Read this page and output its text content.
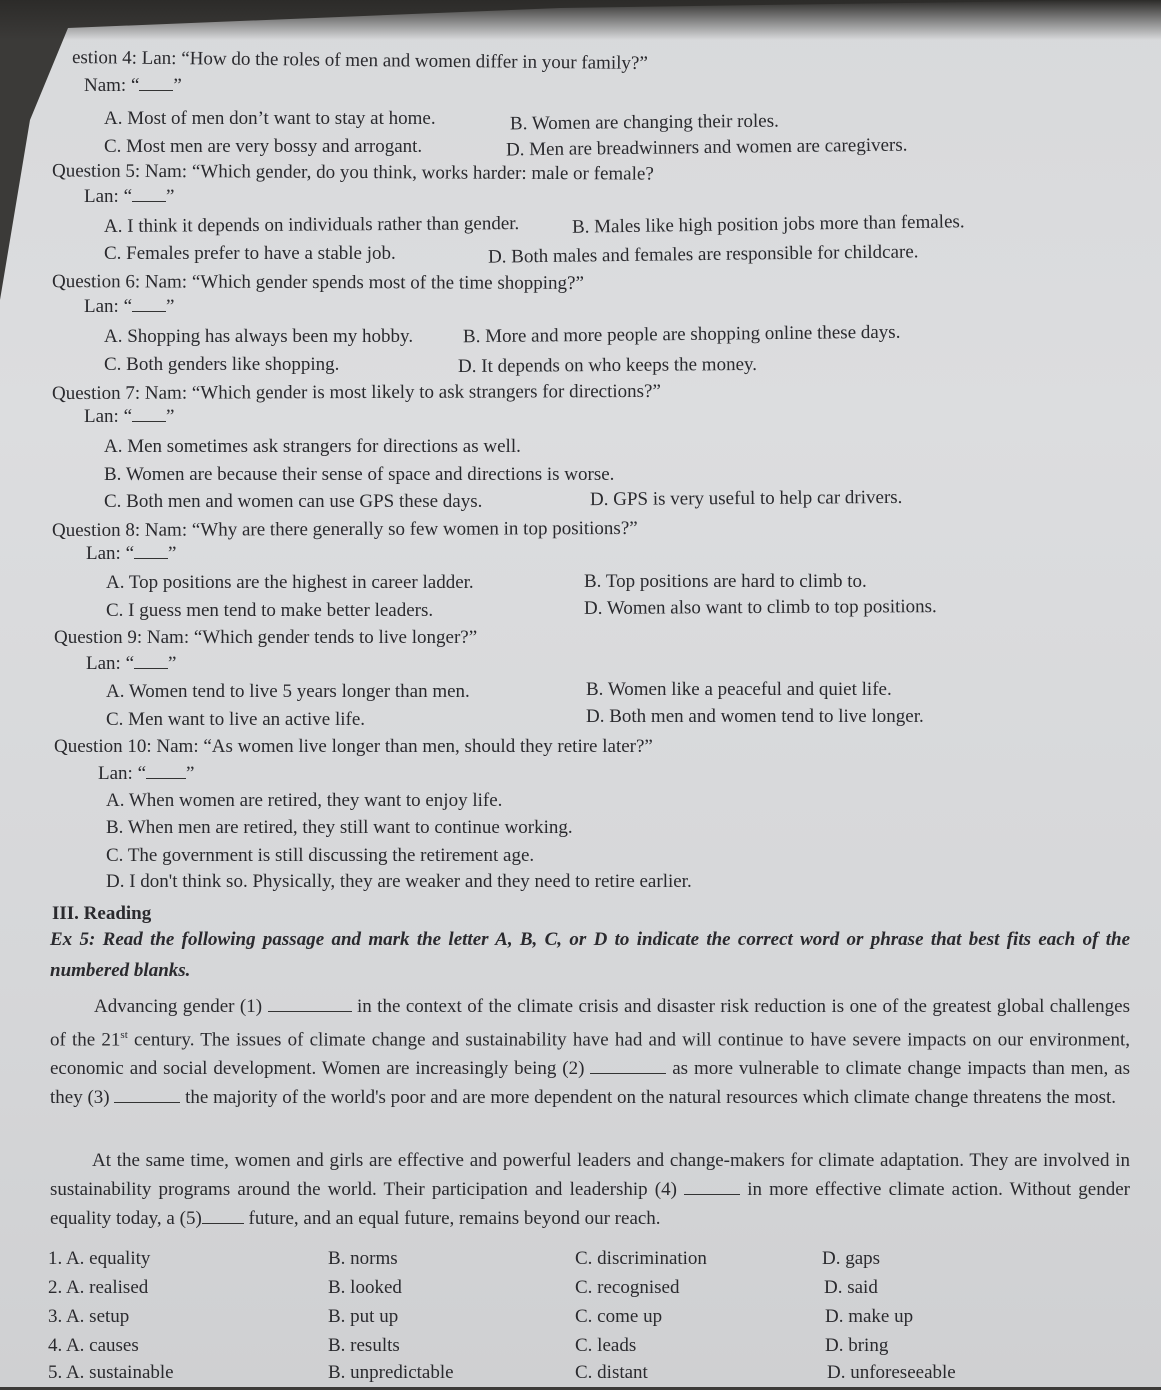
estion 4: Lan: “How do the roles of men and women differ in your family?”
Nam: “ ”
A. Most of men don’t want to stay at home.	B. Women are changing their roles.
C. Most men are very bossy and arrogant.	D. Men are breadwinners and women are caregivers.
Question 5: Nam: “Which gender, do you think, works harder: male or female?
Lan: “ ”
A. I think it depends on individuals rather than gender.	B. Males like high position jobs more than females.
C. Females prefer to have a stable job.	D. Both males and females are responsible for childcare.
Question 6: Nam: “Which gender spends most of the time shopping?”
Lan: “ ”
A. Shopping has always been my hobby.	B. More and more people are shopping online these days.
C. Both genders like shopping.	D. It depends on who keeps the money.
Question 7: Nam: “Which gender is most likely to ask strangers for directions?”
Lan: “ ”
A. Men sometimes ask strangers for directions as well.
B. Women are because their sense of space and directions is worse.
C. Both men and women can use GPS these days.	D. GPS is very useful to help car drivers.
Question 8: Nam: “Why are there generally so few women in top positions?”
Lan: “ ”
A. Top positions are the highest in career ladder.	B. Top positions are hard to climb to.
C. I guess men tend to make better leaders.	D. Women also want to climb to top positions.
Question 9: Nam: “Which gender tends to live longer?”
Lan: “ ”
A. Women tend to live 5 years longer than men.	B. Women like a peaceful and quiet life.
C. Men want to live an active life.	D. Both men and women tend to live longer.
Question 10: Nam: “As women live longer than men, should they retire later?”
Lan: “ ”
A. When women are retired, they want to enjoy life.
B. When men are retired, they still want to continue working.
C. The government is still discussing the retirement age.
D. I don't think so. Physically, they are weaker and they need to retire earlier.
III. Reading
Ex 5: Read the following passage and mark the letter A, B, C, or D to indicate the correct word or phrase that best fits each of the numbered blanks.

Advancing gender (1)	in the context of the climate crisis and disaster risk reduction is one of the greatest global challenges of the 21st century. The issues of climate change and sustainability have had and will continue to have severe impacts on our environment, economic and social development. Women are increasingly being (2)	as more vulnerable to climate change impacts than men, as they (3)	the majority of the world's poor and are more dependent on the natural resources which climate change threatens the most.

At the same time, women and girls are effective and powerful leaders and change-makers for climate adaptation. They are involved in sustainability programs around the world. Their participation and leadership (4)	in more effective climate action. Without gender equality today, a (5) future, and an equal future, remains beyond our reach.

1. A. equality	B. norms	C. discrimination	D. gaps
2. A. realised	B. looked	C. recognised	D. said
3. A. setup	B. put up	C. come up	D. make up
4. A. causes	B. results	C. leads	D. bring
5. A. sustainable	B. unpredictable	C. distant	D. unforeseeable
